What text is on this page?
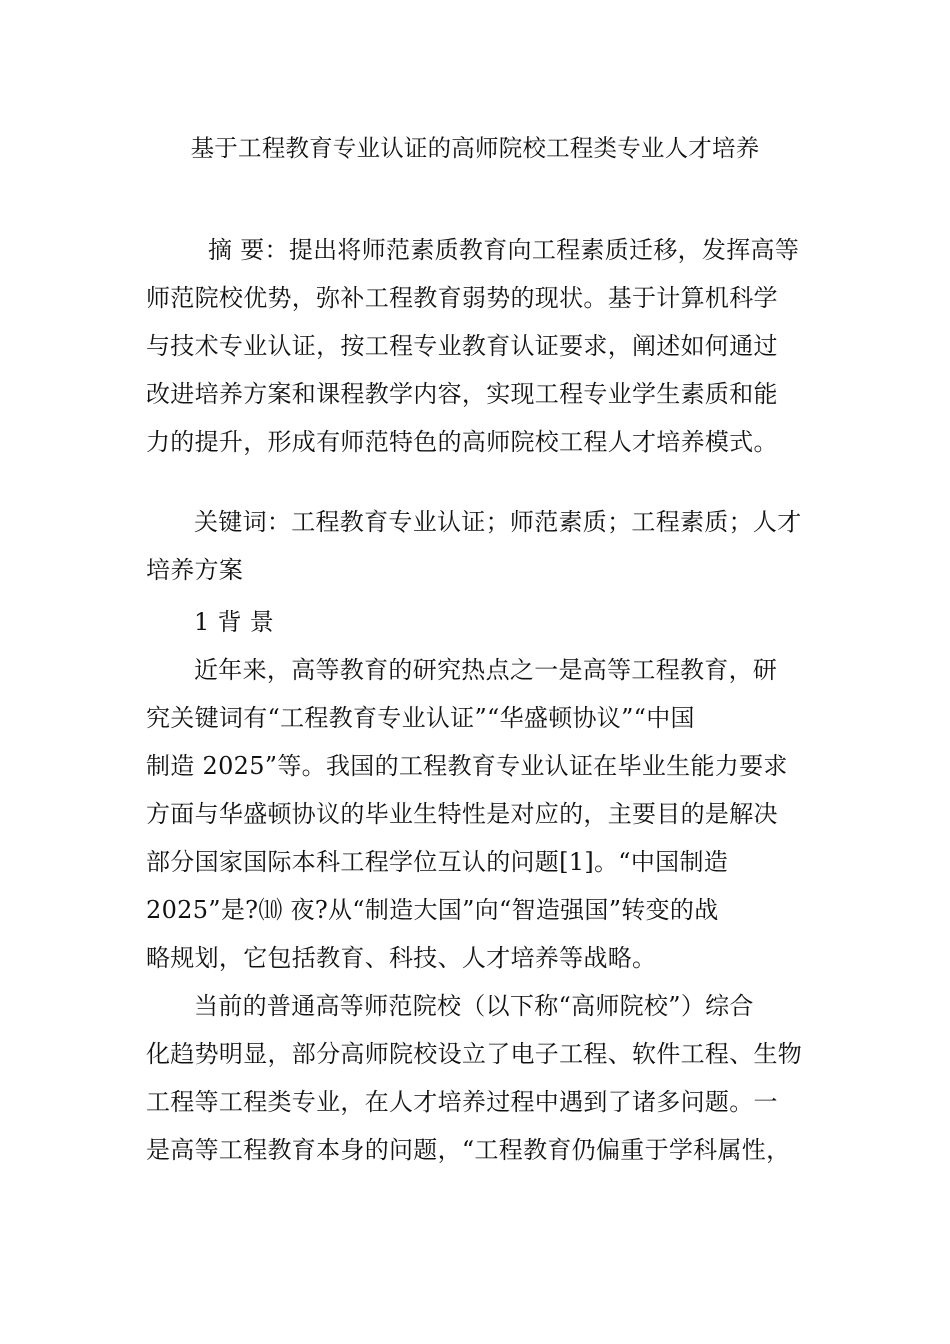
基于工程教育专业认证的高师院校工程类专业人才培养
摘 要：提出将师范素质教育向工程素质迁移，发挥高等
师范院校优势，弥补工程教育弱势的现状。基于计算机科学
与技术专业认证，按工程专业教育认证要求，阐述如何通过
改进培养方案和课程教学内容，实现工程专业学生素质和能
力的提升，形成有师范特色的高师院校工程人才培养模式。
关键词：工程教育专业认证；师范素质；工程素质；人才
培养方案
1 背 景
近年来，高等教育的研究热点之一是高等工程教育，研
究关键词有“工程教育专业认证”“华盛顿协议”“中国
制造 2025”等。我国的工程教育专业认证在毕业生能力要求
方面与华盛顿协议的毕业生特性是对应的，主要目的是解决
部分国家国际本科工程学位互认的问题[1]。“中国制造
2025”是?⑽ 夜?从“制造大国”向“智造强国”转变的战
略规划，它包括教育、科技、人才培养等战略。
当前的普通高等师范院校（以下称“高师院校”）综合
化趋势明显，部分高师院校设立了电子工程、软件工程、生物
工程等工程类专业，在人才培养过程中遇到了诸多问题。一
是高等工程教育本身的问题，“工程教育仍偏重于学科属性，
